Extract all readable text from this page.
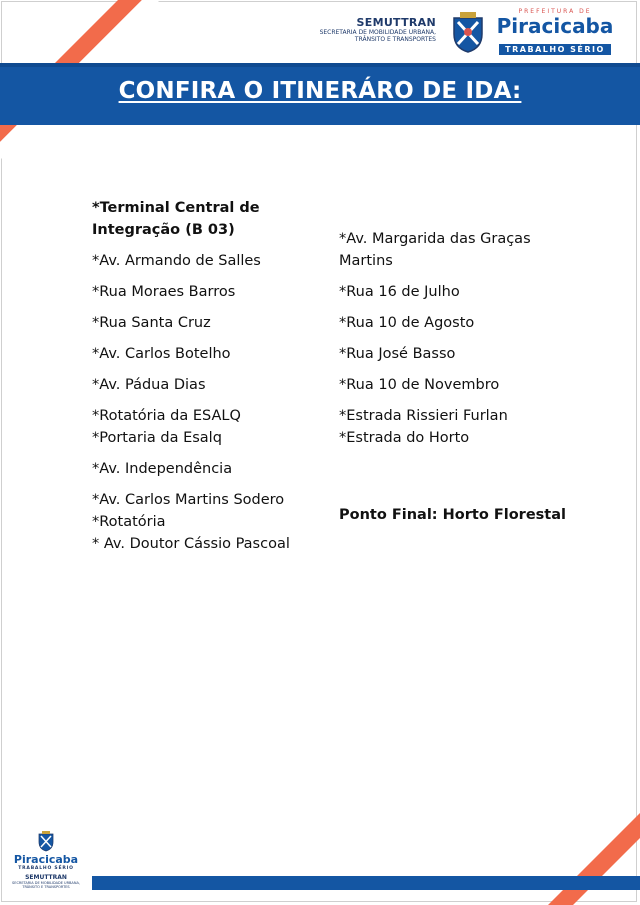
SEMUTTRAN
SECRETARIA DE MOBILIDADE URBANA,
TRÂNSITO E TRANSPORTES
PREFEITURA DE
Piracicaba
TRABALHO SÉRIO
CONFIRA O ITINERÁRO DE IDA:

*Terminal Central de Integração (B 03)

*Av. Armando de Salles

*Rua Moraes Barros

*Rua Santa Cruz

*Av. Carlos Botelho

*Av. Pádua Dias

*Rotatória da ESALQ

*Portaria da Esalq

*Av. Independência

*Av. Carlos Martins Sodero

*Rotatória

* Av. Doutor Cássio Pascoal

*Av. Margarida das Graças Martins

*Rua 16 de Julho

*Rua 10 de Agosto

*Rua José Basso

*Rua 10 de Novembro

*Estrada Rissieri Furlan

*Estrada do Horto

Ponto Final: Horto Florestal
Piracicaba
TRABALHO SÉRIO
SEMUTTRAN
SECRETARIA DE MOBILIDADE URBANA,
TRÂNSITO E TRANSPORTES
